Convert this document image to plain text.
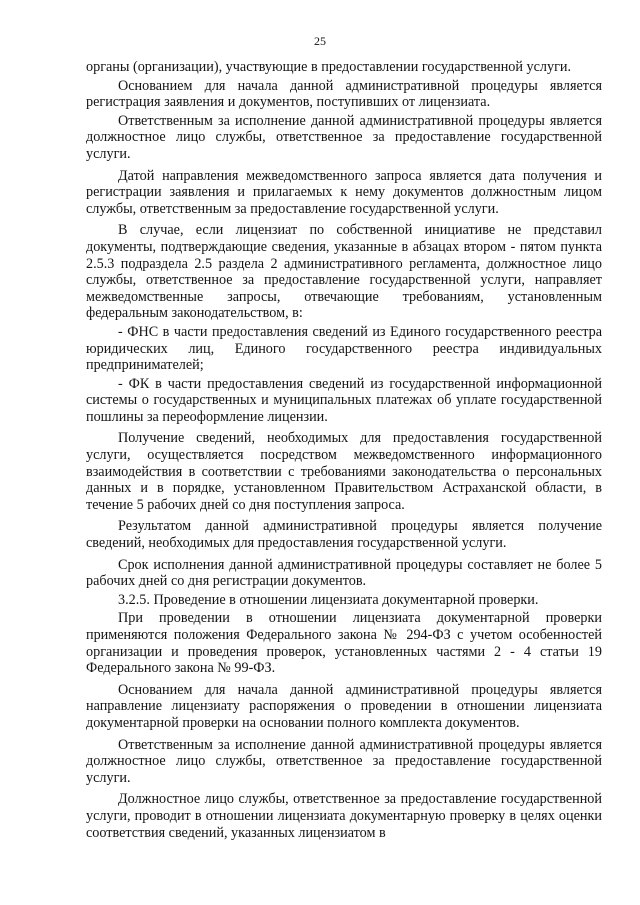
25

органы (организации), участвующие в предоставлении государственной услуги.

Основанием для начала данной административной процедуры является регистрация заявления и документов, поступивших от лицензиата.

Ответственным за исполнение данной административной процедуры является должностное лицо службы, ответственное за предоставление государственной услуги.

Датой направления межведомственного запроса является дата получения и регистрации заявления и прилагаемых к нему документов должностным лицом службы, ответственным за предоставление государственной услуги.

В случае, если лицензиат по собственной инициативе не представил документы, подтверждающие сведения, указанные в абзацах втором - пятом пункта 2.5.3 подраздела 2.5 раздела 2 административного регламента, должностное лицо службы, ответственное за предоставление государственной услуги, направляет межведомственные запросы, отвечающие требованиям, установленным федеральным законодательством, в:

- ФНС в части предоставления сведений из Единого государственного реестра юридических лиц, Единого государственного реестра индивидуальных предпринимателей;

- ФК в части предоставления сведений из государственной информационной системы о государственных и муниципальных платежах об уплате государственной пошлины за переоформление лицензии.

Получение сведений, необходимых для предоставления государственной услуги, осуществляется посредством межведомственного информационного взаимодействия в соответствии с требованиями законодательства о персональных данных и в порядке, установленном Правительством Астраханской области, в течение 5 рабочих дней со дня поступления запроса.

Результатом данной административной процедуры является получение сведений, необходимых для предоставления государственной услуги.

Срок исполнения данной административной процедуры составляет не более 5 рабочих дней со дня регистрации документов.

3.2.5. Проведение в отношении лицензиата документарной проверки.

При проведении в отношении лицензиата документарной проверки применяются положения Федерального закона № 294-ФЗ с учетом особенностей организации и проведения проверок, установленных частями 2 - 4 статьи 19 Федерального закона № 99-ФЗ.

Основанием для начала данной административной процедуры является направление лицензиату распоряжения о проведении в отношении лицензиата документарной проверки на основании полного комплекта документов.

Ответственным за исполнение данной административной процедуры является должностное лицо службы, ответственное за предоставление государственной услуги.

Должностное лицо службы, ответственное за предоставление государственной услуги, проводит в отношении лицензиата документарную проверку в целях оценки соответствия сведений, указанных лицензиатом в
